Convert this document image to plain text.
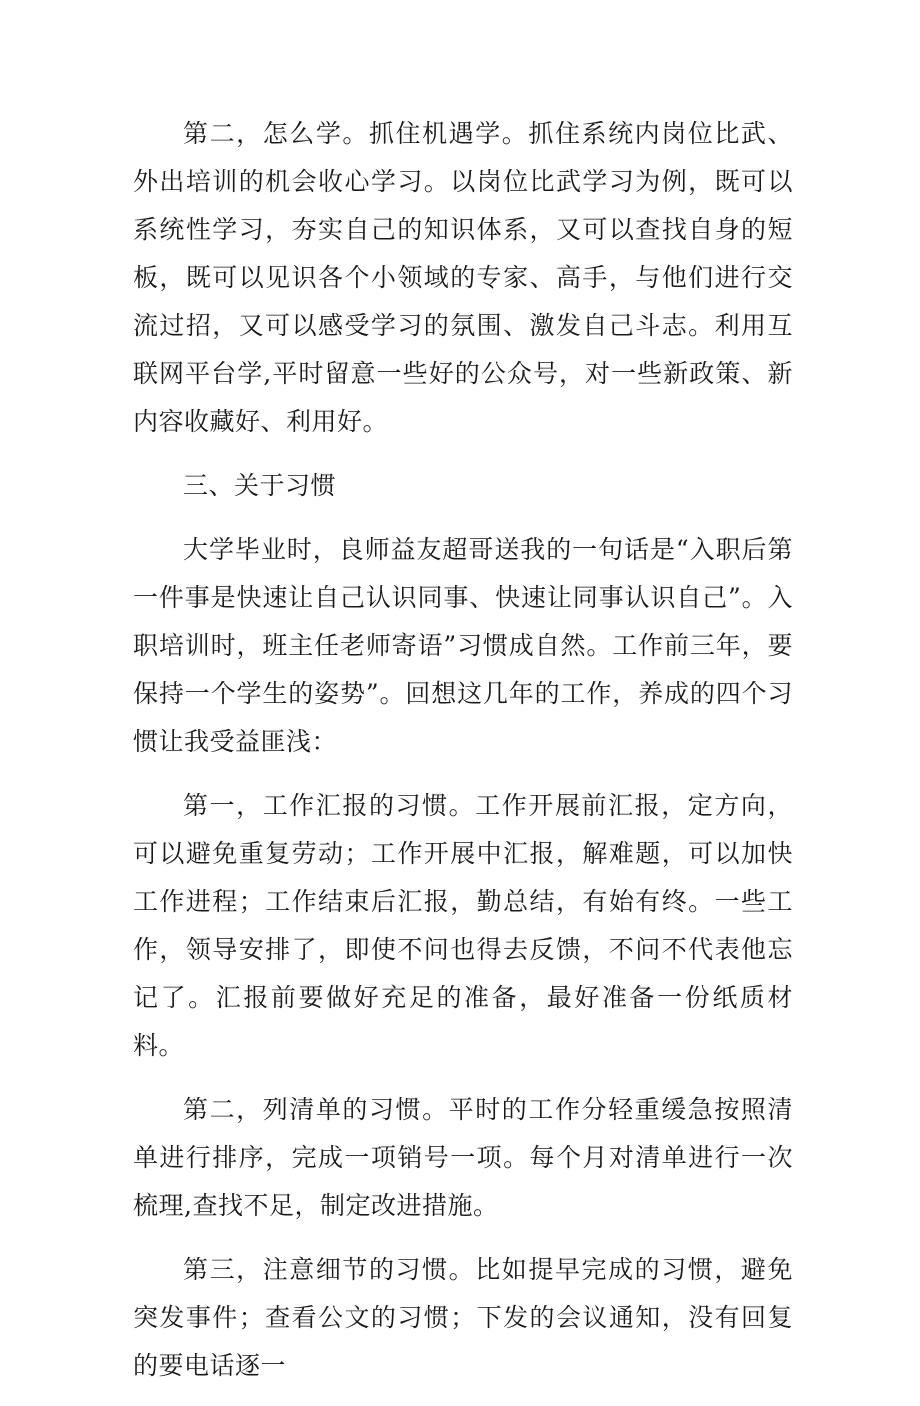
第二，怎么学。抓住机遇学。抓住系统内岗位比武、外出培训的机会收心学习。以岗位比武学习为例，既可以系统性学习，夯实自己的知识体系，又可以查找自身的短板，既可以见识各个小领域的专家、高手，与他们进行交流过招，又可以感受学习的氛围、激发自己斗志。利用互联网平台学,平时留意一些好的公众号，对一些新政策、新内容收藏好、利用好。

三、关于习惯

大学毕业时，良师益友超哥送我的一句话是“入职后第一件事是快速让自己认识同事、快速让同事认识自己”。入职培训时，班主任老师寄语”习惯成自然。工作前三年，要保持一个学生的姿势”。回想这几年的工作，养成的四个习惯让我受益匪浅：

第一，工作汇报的习惯。工作开展前汇报，定方向，可以避免重复劳动；工作开展中汇报，解难题，可以加快工作进程；工作结束后汇报，勤总结，有始有终。一些工作，领导安排了，即使不问也得去反馈，不问不代表他忘记了。汇报前要做好充足的准备，最好准备一份纸质材料。

第二，列清单的习惯。平时的工作分轻重缓急按照清单进行排序，完成一项销号一项。每个月对清单进行一次梳理,查找不足，制定改进措施。

第三，注意细节的习惯。比如提早完成的习惯，避免突发事件；查看公文的习惯；下发的会议通知，没有回复的要电话逐一
